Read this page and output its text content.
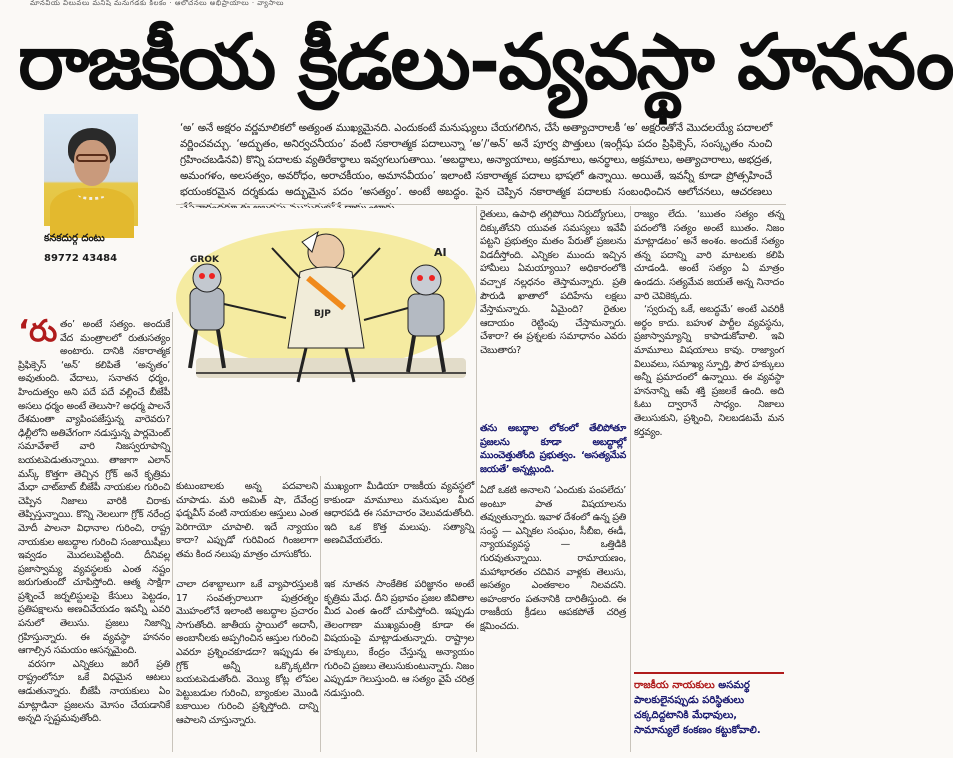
మానవీయ విలువలు మనిషి మనుగడకు కీలకం · ఆలోచనలు అభిప్రాయాలు · వ్యాసాలు
రాజకీయ క్రీడలు-వ్యవస్థా హననం
కనకదుర్గ దంటు
89772 43484
‘అ’ అనే అక్షరం వర్ణమాలికలో అత్యంత ముఖ్యమైనది. ఎందుకంటే మనుష్యులు చేయగలిగిన, చేసే అత్యాచారాలకీ ‘అ’ అక్షరంతోనే మొదలయ్యే పదాలలో వర్ణించవచ్చు. ‘అద్భుతం, అనిర్వచనీయం’ వంటి సకారాత్మక పదాలున్నా ‘అ’/‘అన్’ అనే పూర్వ పొత్తులు (ఇంగ్లీషు పదం ప్రిఫిక్సెస్, సంస్కృతం నుంచి గ్రహించబడినవి) కొన్ని పదాలకు వ్యతిరేకార్థాలు ఇవ్వగలుగుతాయి. ‘అబద్ధాలు, అన్యాయాలు, అక్రమాలు, అనర్థాలు, అక్రమాలు, అత్యాచారాలు, అభద్రత, అమంగళం, అలసత్వం, అవరోధం, అరాచకీయం, అమానవీయం’ ఇలాంటి సకారాత్మక పదాలు భాషలో ఉన్నాయి. అయితే, ఇవన్నీ కూడా ప్రోత్సహించే భయంకరమైన దర్శకుడు అద్భుమైన పదం ‘అసత్యం’. అంటే అబద్ధం. పైన చెప్పిన నకారాత్మక పదాలకు సంబంధించిన ఆలోచనలు, ఆచరణలు

‘రుతం’ అంటే సత్యం. అందుకే వేద మంత్రాలలో రుతుసత్యం అంటారు. దానికి నకారాత్మక ప్రిఫిక్సెస్ ‘అన్’ కలిపితే ‘అనృతం’ అవుతుంది. వేదాలు, సనాతన ధర్మం, హిందుత్వం అని పదే పదే వల్లించే బీజేపీ అసలు ధర్మం అంటే తెలుసా? అధర్మ పాలనే దేశమంతా వ్యాపింపజేస్తున్న వారెవరు? ఢిల్లీలోని అతివేగంగా నడుస్తున్న పార్లమెంట్ సమావేశాలే వారి నిజస్వరూపాన్ని బయటపెడుతున్నాయి. తాజాగా ఎలాన్ మస్క్ కొత్తగా తెచ్చిన గ్రోక్ అనే కృత్రిమ మేధా చాట్‌బాట్ బీజేపీ నాయకుల గురించి చెప్పిన నిజాలు వారికి చిరాకు తెప్పిస్తున్నాయి. కొన్ని నెలలుగా గ్రోక్ నరేంద్ర మోదీ పాలనా విధానాల గురించి, రాష్ట్ర నాయకుల అబద్ధాల గురించి సంజాయిషీలు ఇవ్వడం మొదలుపెట్టింది. దీనివల్ల ప్రజాస్వామ్య వ్యవస్థలకు ఎంత నష్టం జరుగుతుందో చూపిస్తోంది. ఆత్మ సాక్షిగా ప్రశ్నించే జర్నలిస్టులపై కేసులు పెట్టడం, ప్రతిపక్షాలను అణచివేయడం ఇవన్నీ ఎవరి పనులో తెలుసు. ప్రజలు నిజాన్ని గ్రహిస్తున్నారు. ఈ వ్యవస్థా హననం ఆగాల్సిన సమయం ఆసన్నమైంది.

వరసగా ఎన్నికలు జరిగే ప్రతి రాష్ట్రంలోనూ ఒకే విధమైన ఆటలు ఆడుతున్నారు. బీజేపీ నాయకులు ఏం మాట్లాడినా ప్రజలను మోసం చేయడానికే అన్నది స్పష్టమవుతోంది.

GROK
BJP
AI

కుటుంబాలకు అన్న పదవాలని చూపాడు. మరి అమిత్ షా, దేవేంద్ర ఫడ్నవీస్ వంటి నాయకుల ఆస్తులు ఎంత పెరిగాయో చూపాలి. ఇదే న్యాయం కాదా? ఎప్పుడో గురివింద గింజలాగా తమ కింద నలుపు మాత్రం చూసుకోరు.

చాలా దశాబ్దాలుగా ఒకే వ్యాపారస్తులకి 17 సంవత్సరాలుగా పుత్రరత్నం మొహంలోనే ఇలాంటి అబద్ధాల ప్రచారం సాగుతోంది. జాతీయ స్థాయిలో అదానీ, అంబానీలకు అప్పగించిన ఆస్తుల గురించి ఎవరూ ప్రశ్నించకూడదా? ఇప్పుడు ఈ గ్రోక్ అన్నీ ఒక్కొక్కటిగా బయటపెడుతోంది. వెయ్యి కోట్ల లోపల పెట్టుబడుల గురించి, బ్యాంకుల మొండి బకాయిల గురించి ప్రశ్నిస్తోంది. దాన్ని ఆపాలని చూస్తున్నారు.

ముఖ్యంగా మీడియా రాజకీయ వ్యవస్థలో కాకుండా మామూలు మనుషుల మీద ఆధారపడి ఈ సమాచారం వెలువడుతోంది. ఇది ఒక కొత్త మలుపు. సత్యాన్ని అణచివేయలేరు.

ఇక నూతన సాంకేతిక పరిజ్ఞానం అంటే కృత్రిమ మేధ. దీని ప్రభావం ప్రజల జీవితాల మీద ఎంత ఉందో చూపిస్తోంది. ఇప్పుడు తెలంగాణా ముఖ్యమంత్రి కూడా ఈ విషయంపై మాట్లాడుతున్నారు. రాష్ట్రాల హక్కులు, కేంద్రం చేస్తున్న అన్యాయం గురించి ప్రజలు తెలుసుకుంటున్నారు. నిజం ఎప్పుడూ గెలుస్తుంది. ఆ సత్యం వైపే చరిత్ర నడుస్తుంది.

రైతులు, ఉపాధి తగ్గిపోయి నిరుద్యోగులు, దిక్కుతోచని యువత సమస్యలు ఇవేవీ పట్టని ప్రభుత్వం మతం పేరుతో ప్రజలను విడదీస్తోంది. ఎన్నికల ముందు ఇచ్చిన హామీలు ఏమయ్యాయి? అధికారంలోకి వచ్చాక నల్లధనం తెస్తామన్నారు. ప్రతి పౌరుడి ఖాతాలో పదిహేను లక్షలు వేస్తామన్నారు. ఏమైంది? రైతుల ఆదాయం రెట్టింపు చేస్తామన్నారు. చేశారా? ఈ ప్రశ్నలకు సమాధానం ఎవరు చెబుతారు?

తను అబద్ధాల లోకంలో తేలిపోతూ ప్రజలను కూడా అబద్ధాల్లో ముంచెత్తుతోంది ప్రభుత్వం. ‘అసత్యమేవ జయతే’ అన్నట్లుంది.

ఏదో ఒకటి అనాలని ‘ఎందుకు పంపలేదు’ అంటూ పాత విషయాలను తవ్వుతున్నారు. ఇవాళ దేశంలో ఉన్న ప్రతి సంస్థ — ఎన్నికల సంఘం, సీబీఐ, ఈడీ, న్యాయవ్యవస్థ — ఒత్తిడికి గురవుతున్నాయి. రామాయణం, మహాభారతం చదివిన వాళ్లకు తెలుసు, అసత్యం ఎంతకాలం నిలవదని. అహంకారం పతనానికి దారితీస్తుంది. ఈ రాజకీయ క్రీడలు ఆపకపోతే చరిత్ర క్షమించదు.

రాజ్యం లేదు. ‘ఋతం సత్యం తన్న పదంలోకి సత్యం అంటే ఋతం. నిజం మాట్లాడటం’ అనే అంశం. అందుకే సత్యం తన్న పదాన్ని వారి మాటలకు కలిపి చూడండి. అంటే సత్యం ఏ మాత్రం ఉండదు. సత్యమేవ జయతే అన్న నినాదం వారి చెవికెక్కదు.

‘స్వరుచ్చ ఒకే, అబద్ధమే’ అంటే ఎవరికీ అర్థం కాదు. బహుళ పార్టీల వ్యవస్థను, ప్రజాస్వామ్యాన్ని కాపాడుకోవాలి. ఇవి మామూలు విషయాలు కావు. రాజ్యాంగ విలువలు, సమాఖ్య స్ఫూర్తి, పౌర హక్కులు అన్నీ ప్రమాదంలో ఉన్నాయి. ఈ వ్యవస్థా హననాన్ని ఆపే శక్తి ప్రజలకే ఉంది. అది ఓటు ద్వారానే సాధ్యం. నిజాలు తెలుసుకుని, ప్రశ్నించి, నిలబడటమే మన కర్తవ్యం.

రాజకీయ నాయకులు అసమర్థ పాలకులైనప్పుడు పరిస్థితులు చక్కదిద్దటానికి మేధావులు, సామాన్యులే కంకణం కట్టుకోవాలి.
